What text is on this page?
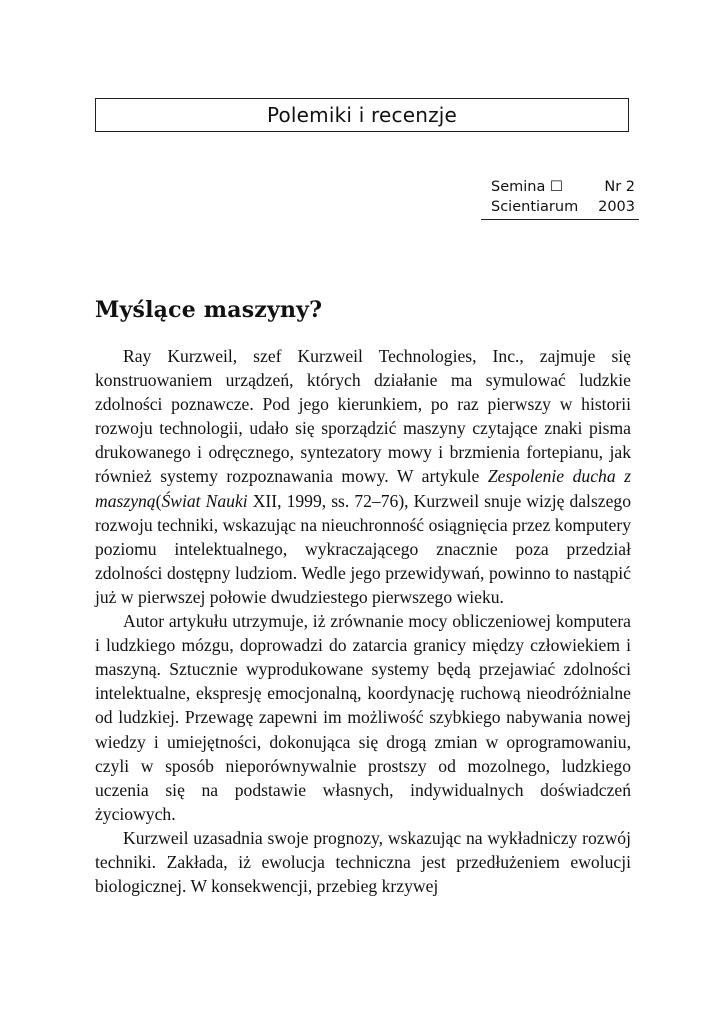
Polemiki i recenzje
Semina ☐	Nr 2
Scientiarum 2003
Myślące maszyny?

Ray Kurzweil, szef Kurzweil Technologies, Inc., zajmuje się konstruowaniem urządzeń, których działanie ma symulować ludzkie zdolności poznawcze. Pod jego kierunkiem, po raz pierwszy w historii rozwoju technologii, udało się sporządzić maszyny czytające znaki pisma drukowanego i odręcznego, syntezatory mowy i brzmienia fortepianu, jak również systemy rozpoznawania mowy. W artykule Zespolenie ducha z maszyną(Świat Nauki XII, 1999, ss. 72–76), Kurzweil snuje wizję dalszego rozwoju techniki, wskazując na nieuchronność osiągnięcia przez komputery poziomu intelektualnego, wykraczającego znacznie poza przedział zdolności dostępny ludziom. Wedle jego przewidywań, powinno to nastąpić już w pierwszej połowie dwudziestego pierwszego wieku.

Autor artykułu utrzymuje, iż zrównanie mocy obliczeniowej komputera i ludzkiego mózgu, doprowadzi do zatarcia granicy między człowiekiem i maszyną. Sztucznie wyprodukowane systemy będą przejawiać zdolności intelektualne, ekspresję emocjonalną, koordynację ruchową nieodróżnialne od ludzkiej. Przewagę zapewni im możliwość szybkiego nabywania nowej wiedzy i umiejętności, dokonująca się drogą zmian w oprogramowaniu, czyli w sposób nieporównywalnie prostszy od mozolnego, ludzkiego uczenia się na podstawie własnych, indywidualnych doświadczeń życiowych.

Kurzweil uzasadnia swoje prognozy, wskazując na wykładniczy rozwój techniki. Zakłada, iż ewolucja techniczna jest przedłużeniem ewolucji biologicznej. W konsekwencji, przebieg krzywej
